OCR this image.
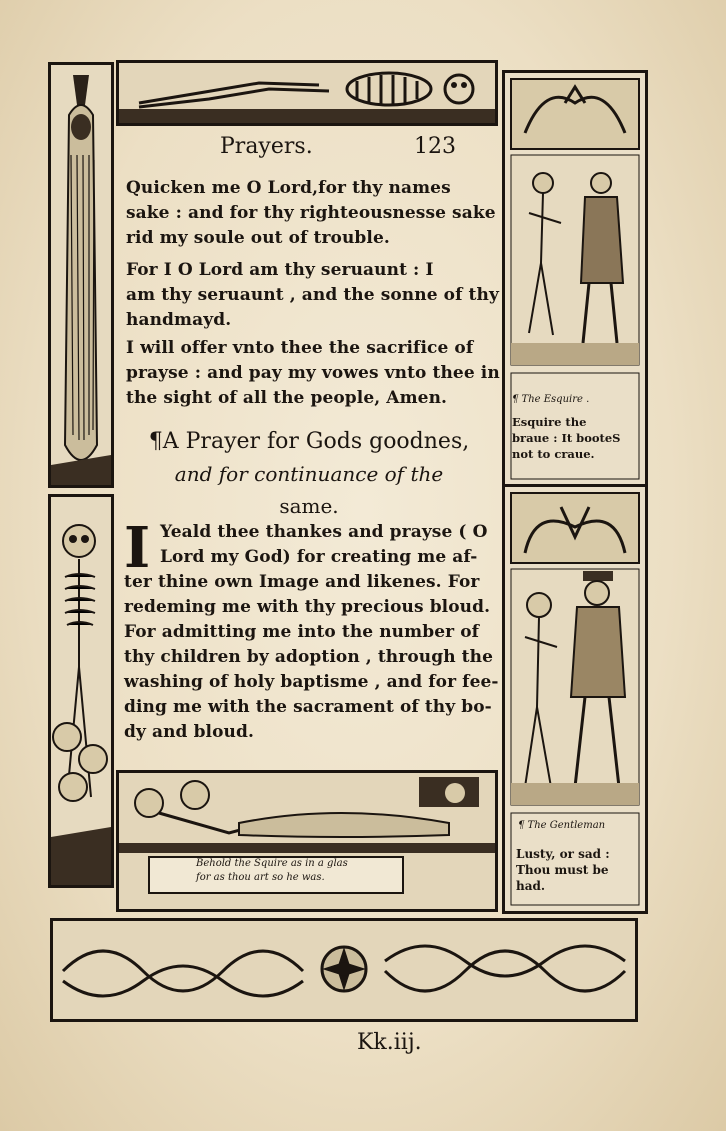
Prayers.	123

Quicken me O Lord,for thy names
sake : and for thy righteousnesse sake
rid my soule out of trouble.

For I O Lord am thy seruaunt : I
am thy seruaunt , and the sonne of thy
handmayd.

I will offer vnto thee the sacrifice of
prayse : and pay my vowes vnto thee in
the sight of all the people, Amen.

¶A Prayer for Gods goodnes,
and for continuance of the
same.
I Yeald thee thankes and prayse ( O
Lord my God) for creating me af-
ter thine own Image and likenes. For
redeming me with thy precious bloud.
For admitting me into the number of
thy children by adoption , through the
washing of holy baptisme , and for fee-
ding me with the sacrament of thy bo-
dy and bloud.

¶ The Esquire .
Esquire the
braue : It booteS
not to craue.
¶ The Gentleman
Lusty, or sad :
Thou must be
had.
Behold the Squire as in a glas
for as thou art so he was.
Kk.iij.
